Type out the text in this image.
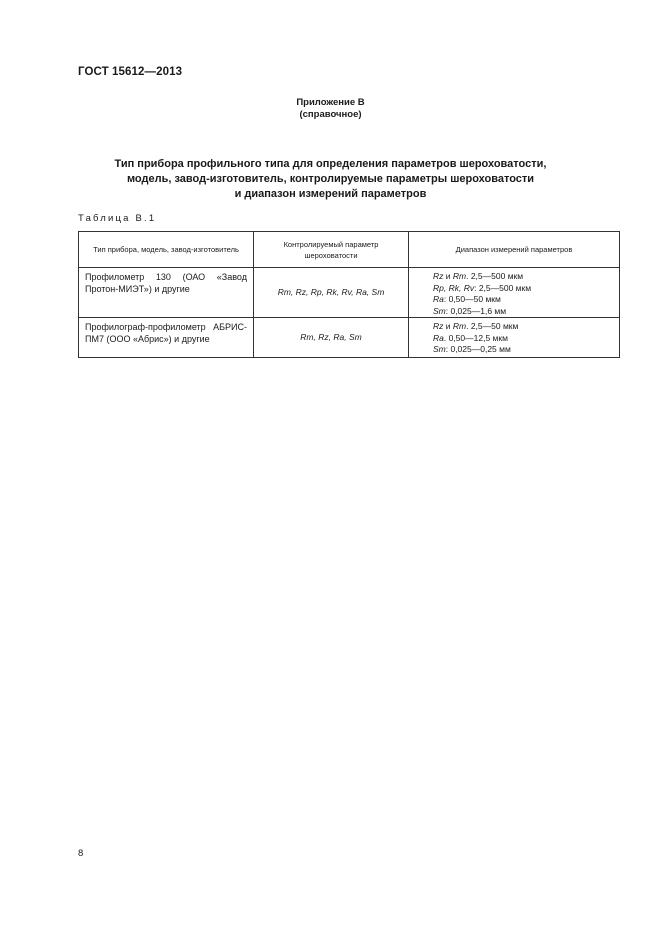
ГОСТ 15612—2013
Приложение В
(справочное)
Тип прибора профильного типа для определения параметров шероховатости,
модель, завод-изготовитель, контролируемые параметры шероховатости
и диапазон измерений параметров
Таблица В.1
Тип прибора, модель, завод-изготовитель	Контролируемый параметр шероховатости	Диапазон измерений параметров
Профилометр 130 (ОАО «Завод Протон-МИЭТ») и другие	Rm, Rz, Rp, Rk, Rv, Ra, Sm	Rz и Rm. 2,5—500 мкм
Rp, Rk, Rv: 2,5—500 мкм
Ra: 0,50—50 мкм
Sm: 0,025—1,6 мм

Профилограф-профилометр АБРИС-ПМ7 (ООО «Абрис») и другие	Rm, Rz, Ra, Sm	Rz и Rm. 2,5—50 мкм
Ra. 0,50—12,5 мкм
Sm: 0,025—0,25 мм
8
